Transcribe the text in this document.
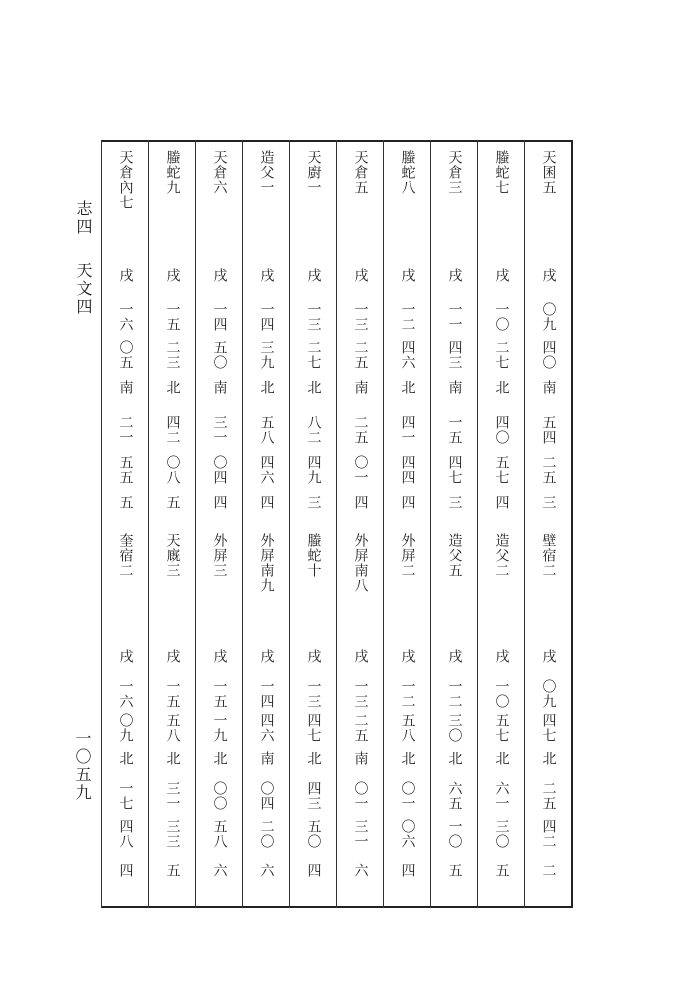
志四
天文四
一〇五九
天倉內七
戌
一六
〇五
南
二一
五五
五
奎宿二
戌
一六
〇九
北
一七
四八
四
螣蛇九
戌
一五
二三
北
四二
〇八
五
天廐三
戌
一五
五八
北
三一
三三
五
天倉六
戌
一四
五〇
南
三一
〇四
四
外屏三
戌
一五
一九
北
〇〇
五八
六
造父一
戌
一四
三九
北
五八
四六
四
外屏南九
戌
一四
四六
南
〇四
二〇
六
天廚一
戌
一三
二七
北
八二
四九
三
螣蛇十
戌
一三
四七
北
四三
五〇
四
天倉五
戌
一三
二五
南
二五
〇一
四
外屏南八
戌
一三
二五
南
〇一
三一
六
螣蛇八
戌
一二
四六
北
四一
四四
四
外屏二
戌
一二
五八
北
〇一
〇六
四
天倉三
戌
一一
四三
南
一五
四七
三
造父五
戌
一二
三〇
北
六五
一〇
五
螣蛇七
戌
一〇
二七
北
四〇
五七
四
造父二
戌
一〇
五七
北
六一
三〇
五
天囷五
戌
〇九
四〇
南
五四
二五
三
壁宿二
戌
〇九
四七
北
二五
四二
二
